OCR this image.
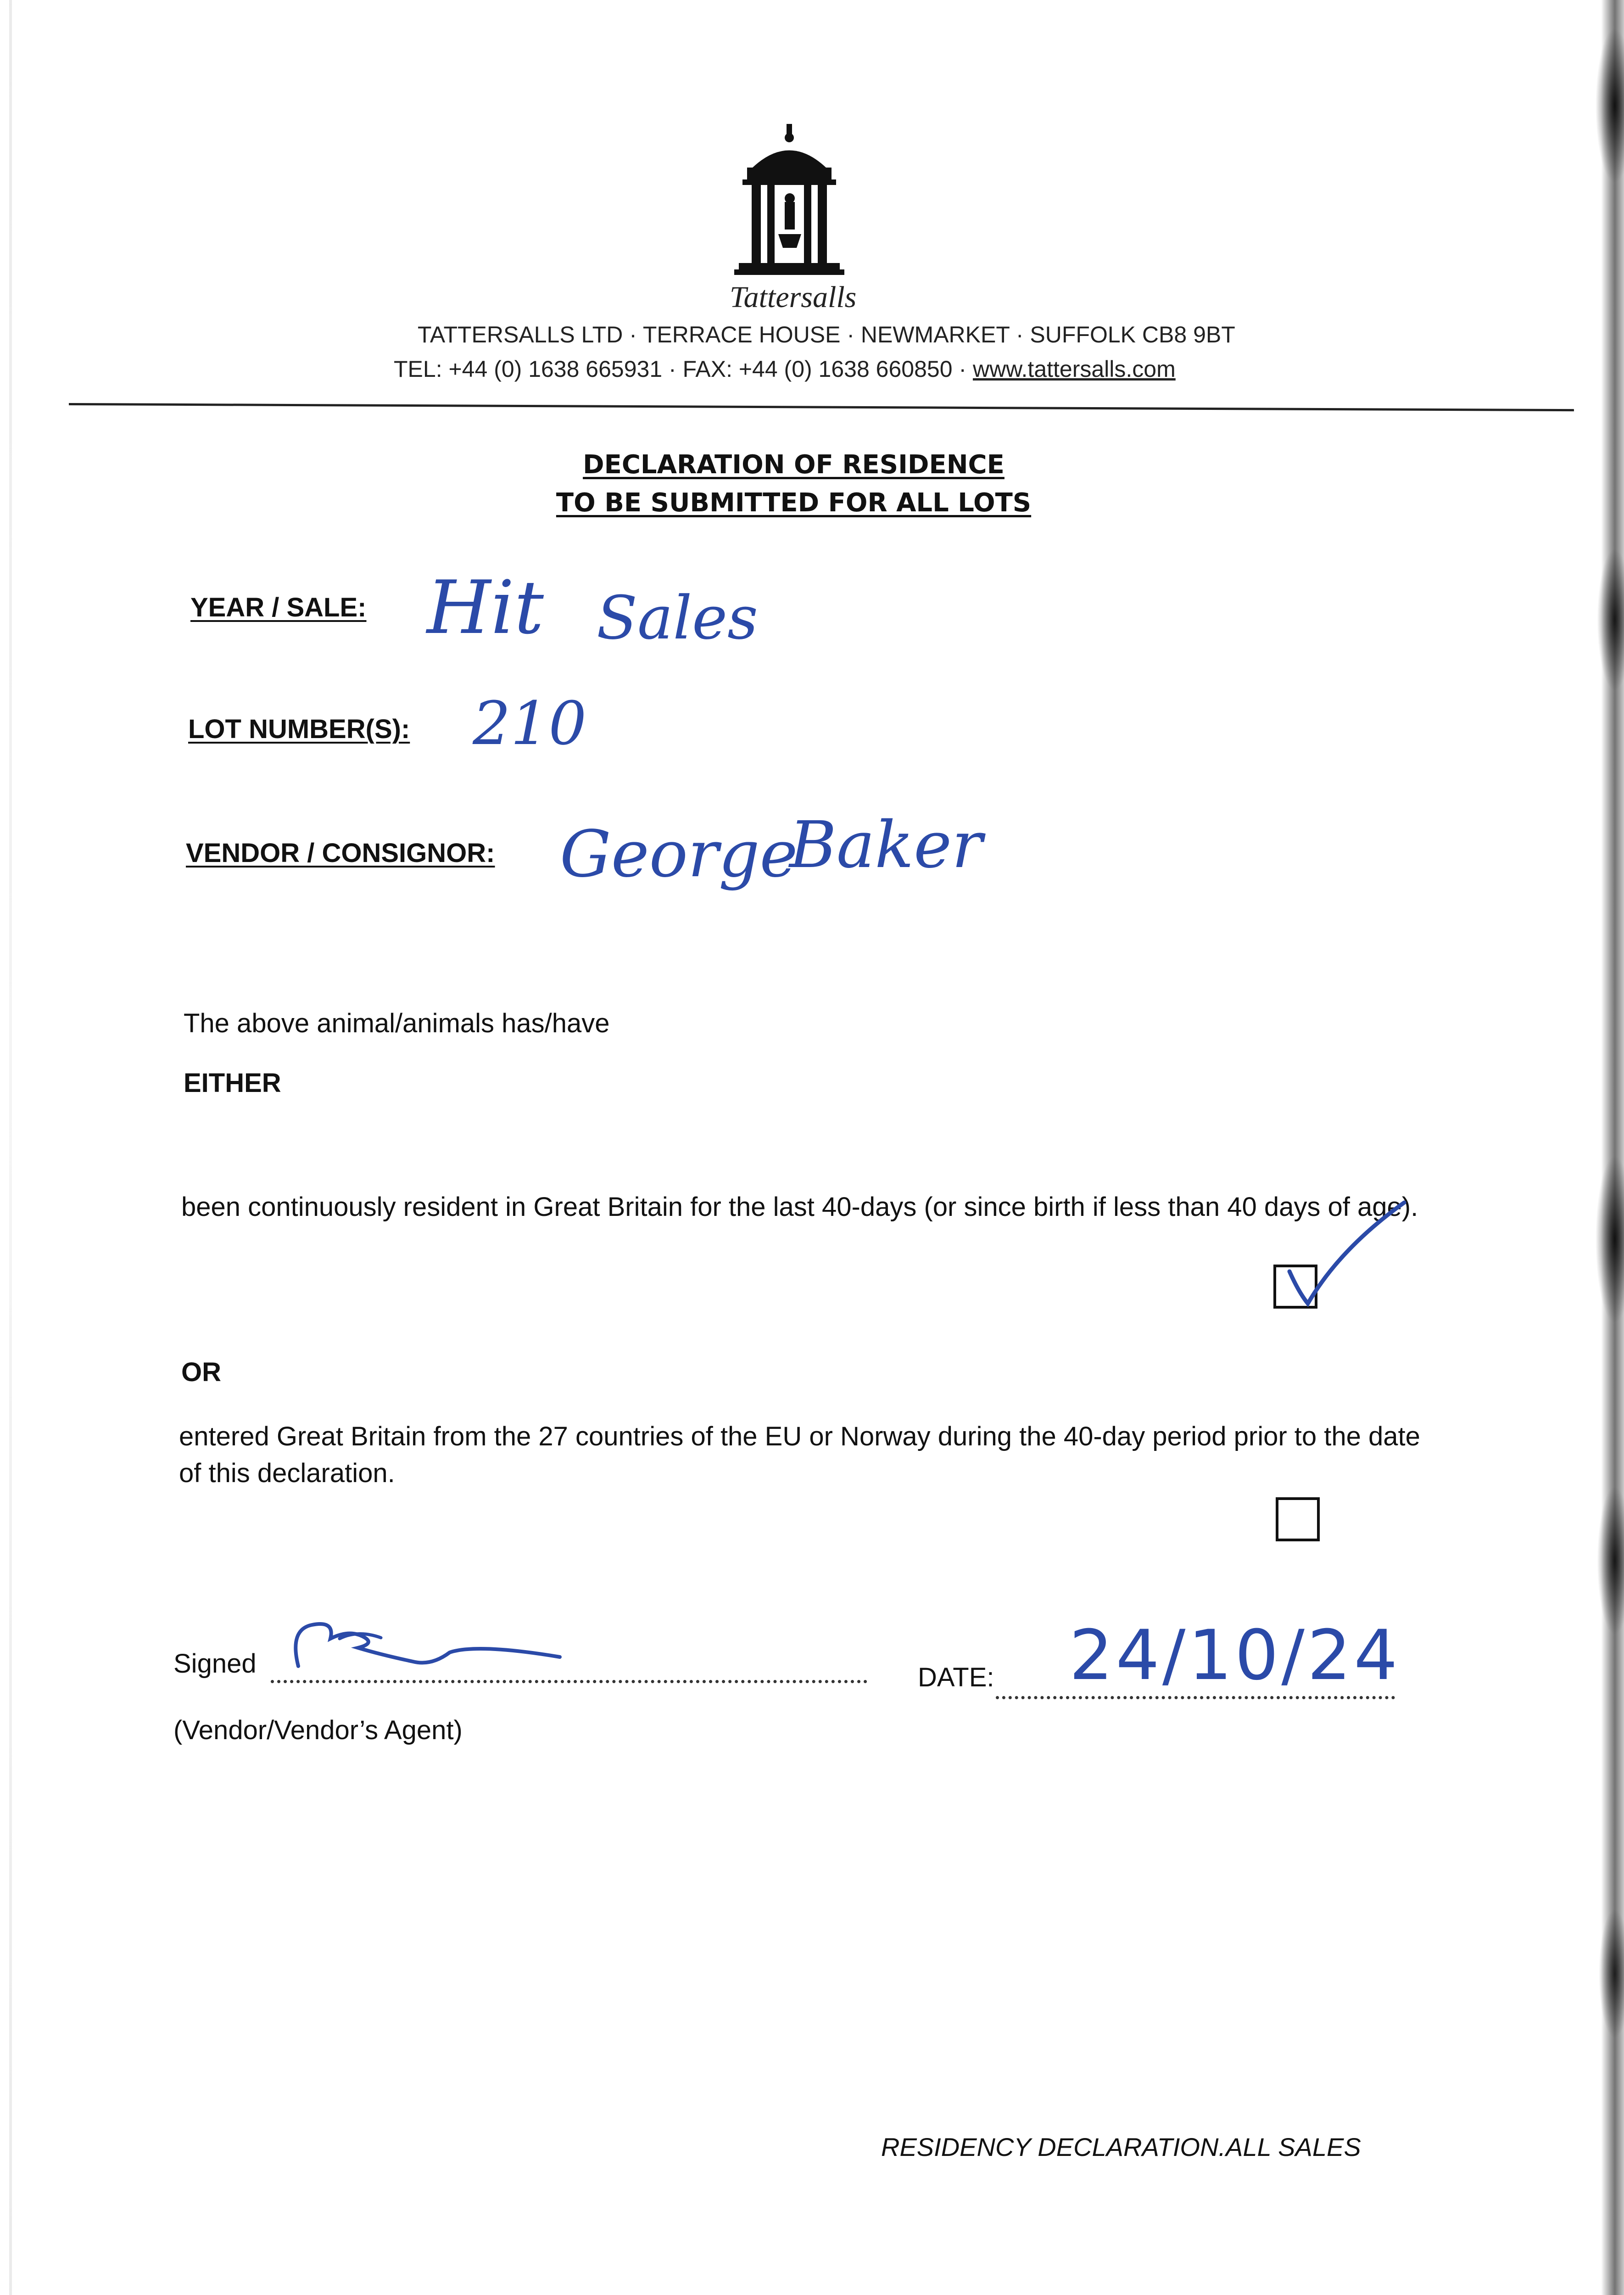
Tattersalls
TATTERSALLS LTD · TERRACE HOUSE · NEWMARKET · SUFFOLK CB8 9BT
TEL: +44 (0) 1638 665931 · FAX: +44 (0) 1638 660850 · www.tattersalls.com
DECLARATION OF RESIDENCE
TO BE SUBMITTED FOR ALL LOTS
YEAR / SALE: Hit Sales
LOT NUMBER(S): 210
VENDOR / CONSIGNOR: George
Baker
The above animal/animals has/have
EITHER
been continuously resident in Great Britain for the last 40-days (or since birth if less than 40 days of age).
OR
entered Great Britain from the 27 countries of the EU or Norway during the 40-day period prior to the date of this declaration.
Signed
(Vendor/Vendor’s Agent)
DATE: 24/10/24
RESIDENCY DECLARATION.ALL SALES
